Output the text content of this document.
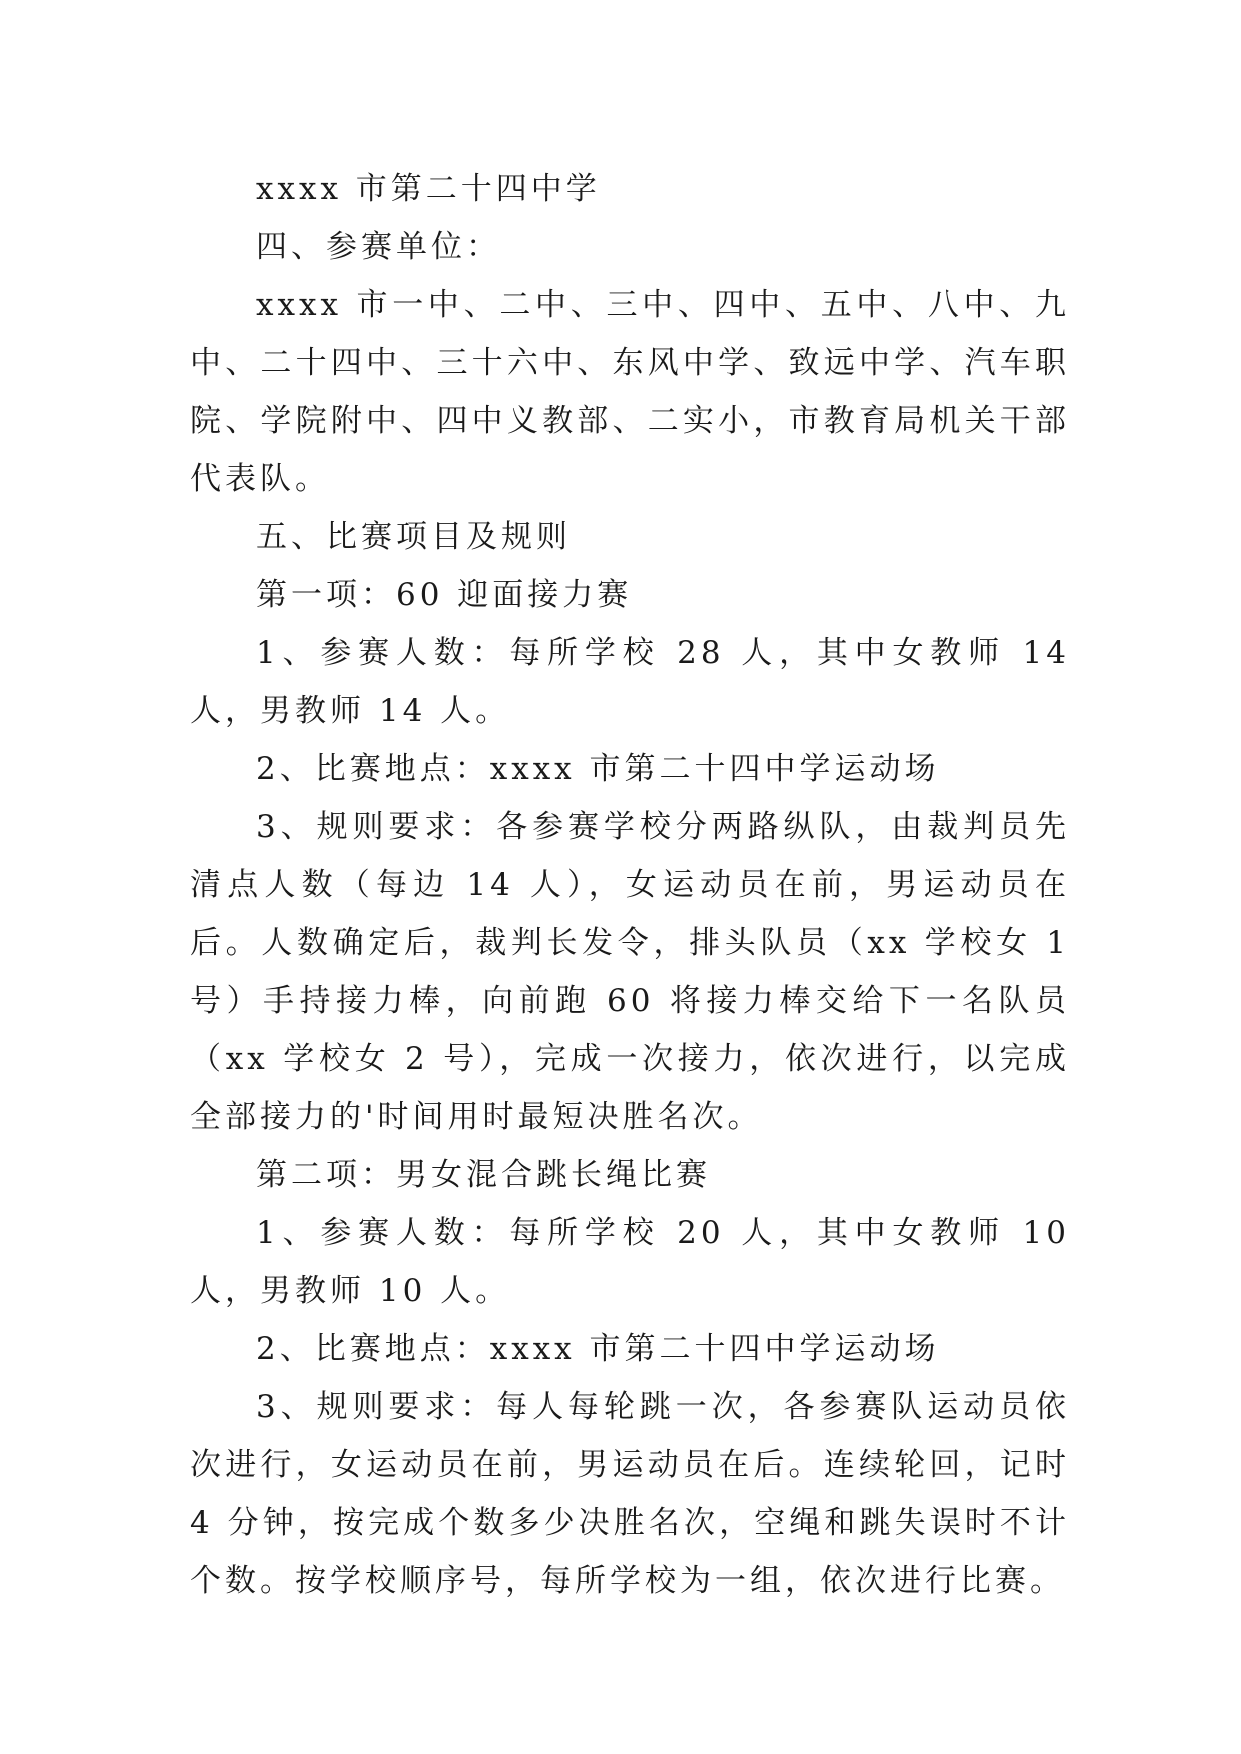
xxxx 市第二十四中学

四、参赛单位：

xxxx 市一中、二中、三中、四中、五中、八中、九中、二十四中、三十六中、东风中学、致远中学、汽车职院、学院附中、四中义教部、二实小，市教育局机关干部代表队。

五、比赛项目及规则

第一项：60 迎面接力赛

1、参赛人数：每所学校 28 人，其中女教师 14 人，男教师 14 人。

2、比赛地点：xxxx 市第二十四中学运动场

3、规则要求：各参赛学校分两路纵队，由裁判员先清点人数（每边 14 人），女运动员在前，男运动员在后。人数确定后，裁判长发令，排头队员（xx 学校女 1 号）手持接力棒，向前跑 60 将接力棒交给下一名队员（xx 学校女 2 号），完成一次接力，依次进行，以完成全部接力的'时间用时最短决胜名次。

第二项：男女混合跳长绳比赛

1、参赛人数：每所学校 20 人，其中女教师 10 人，男教师 10 人。

2、比赛地点：xxxx 市第二十四中学运动场

3、规则要求：每人每轮跳一次，各参赛队运动员依次进行，女运动员在前，男运动员在后。连续轮回，记时 4 分钟，按完成个数多少决胜名次，空绳和跳失误时不计个数。按学校顺序号，每所学校为一组，依次进行比赛。
